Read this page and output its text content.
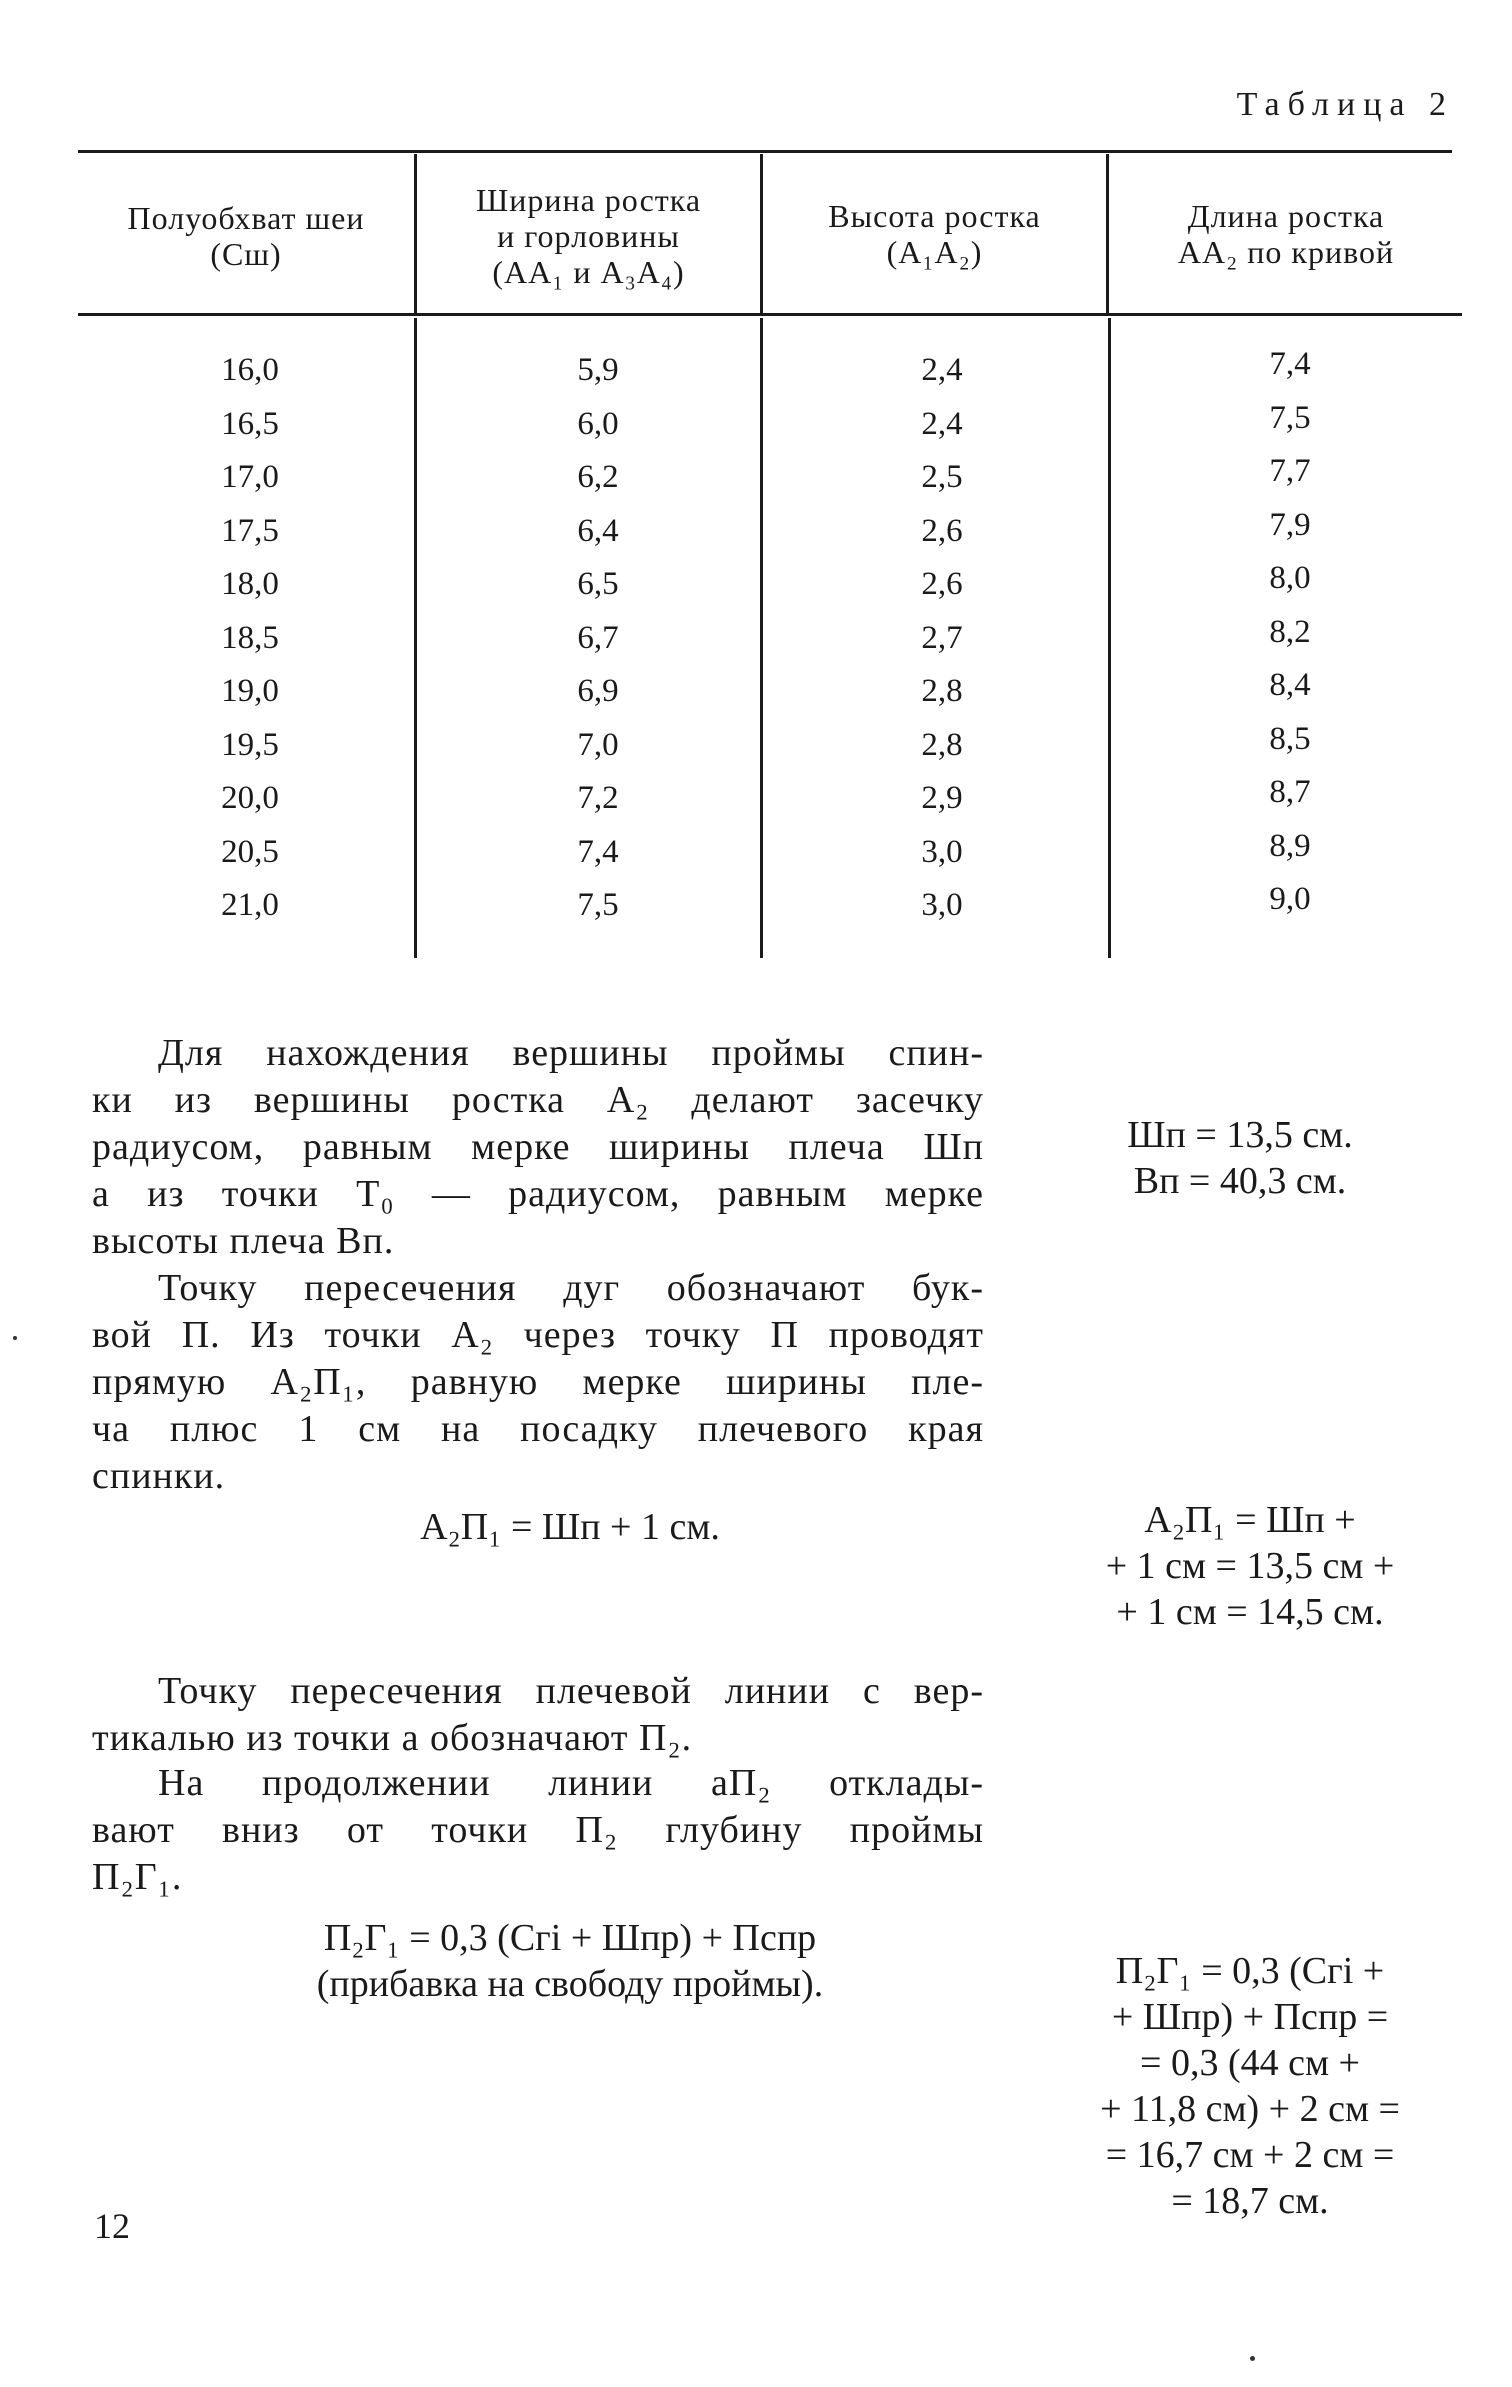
Таблица 2
Полуобхват шеи
(Сш)
Ширина ростка
и горловины
(АА₁ и А₃А₄)
Высота ростка
(А₁А₂)
Длина ростка
АА₂ по кривой
16,0
16,5
17,0
17,5
18,0
18,5
19,0
19,5
20,0
20,5
21,0
5,9
6,0
6,2
6,4
6,5
6,7
6,9
7,0
7,2
7,4
7,5
2,4
2,4
2,5
2,6
2,6
2,7
2,8
2,8
2,9
3,0
3,0
7,4
7,5
7,7
7,9
8,0
8,2
8,4
8,5
8,7
8,9
9,0
Для нахождения вершины проймы спин-
ки из вершины ростка А₂ делают засечку
радиусом, равным мерке ширины плеча Шп
а из точки Т₀ — радиусом, равным мерке
высоты плеча Вп.
Точку пересечения дуг обозначают бук-
вой П. Из точки А₂ через точку П проводят
прямую А₂П₁, равную мерке ширины пле-
ча плюс 1 см на посадку плечевого края
спинки.
А₂П₁ = Шп + 1 см.
Точку пересечения плечевой линии с вер-
тикалью из точки а обозначают П₂.
На продолжении линии аП₂ отклады-
вают вниз от точки П₂ глубину проймы
П₂Г₁.
П₂Г₁ = 0,3 (Сгі + Шпр) + Пспр
(прибавка на свободу проймы).
Шп = 13,5 см.
Вп = 40,3 см.
А₂П₁ = Шп +
+ 1 см = 13,5 см +
+ 1 см = 14,5 см.
П₂Г₁ = 0,3 (Сгі +
+ Шпр) + Пспр =
= 0,3 (44 см +
+ 11,8 см) + 2 см =
= 16,7 см + 2 см =
= 18,7 см.
12
